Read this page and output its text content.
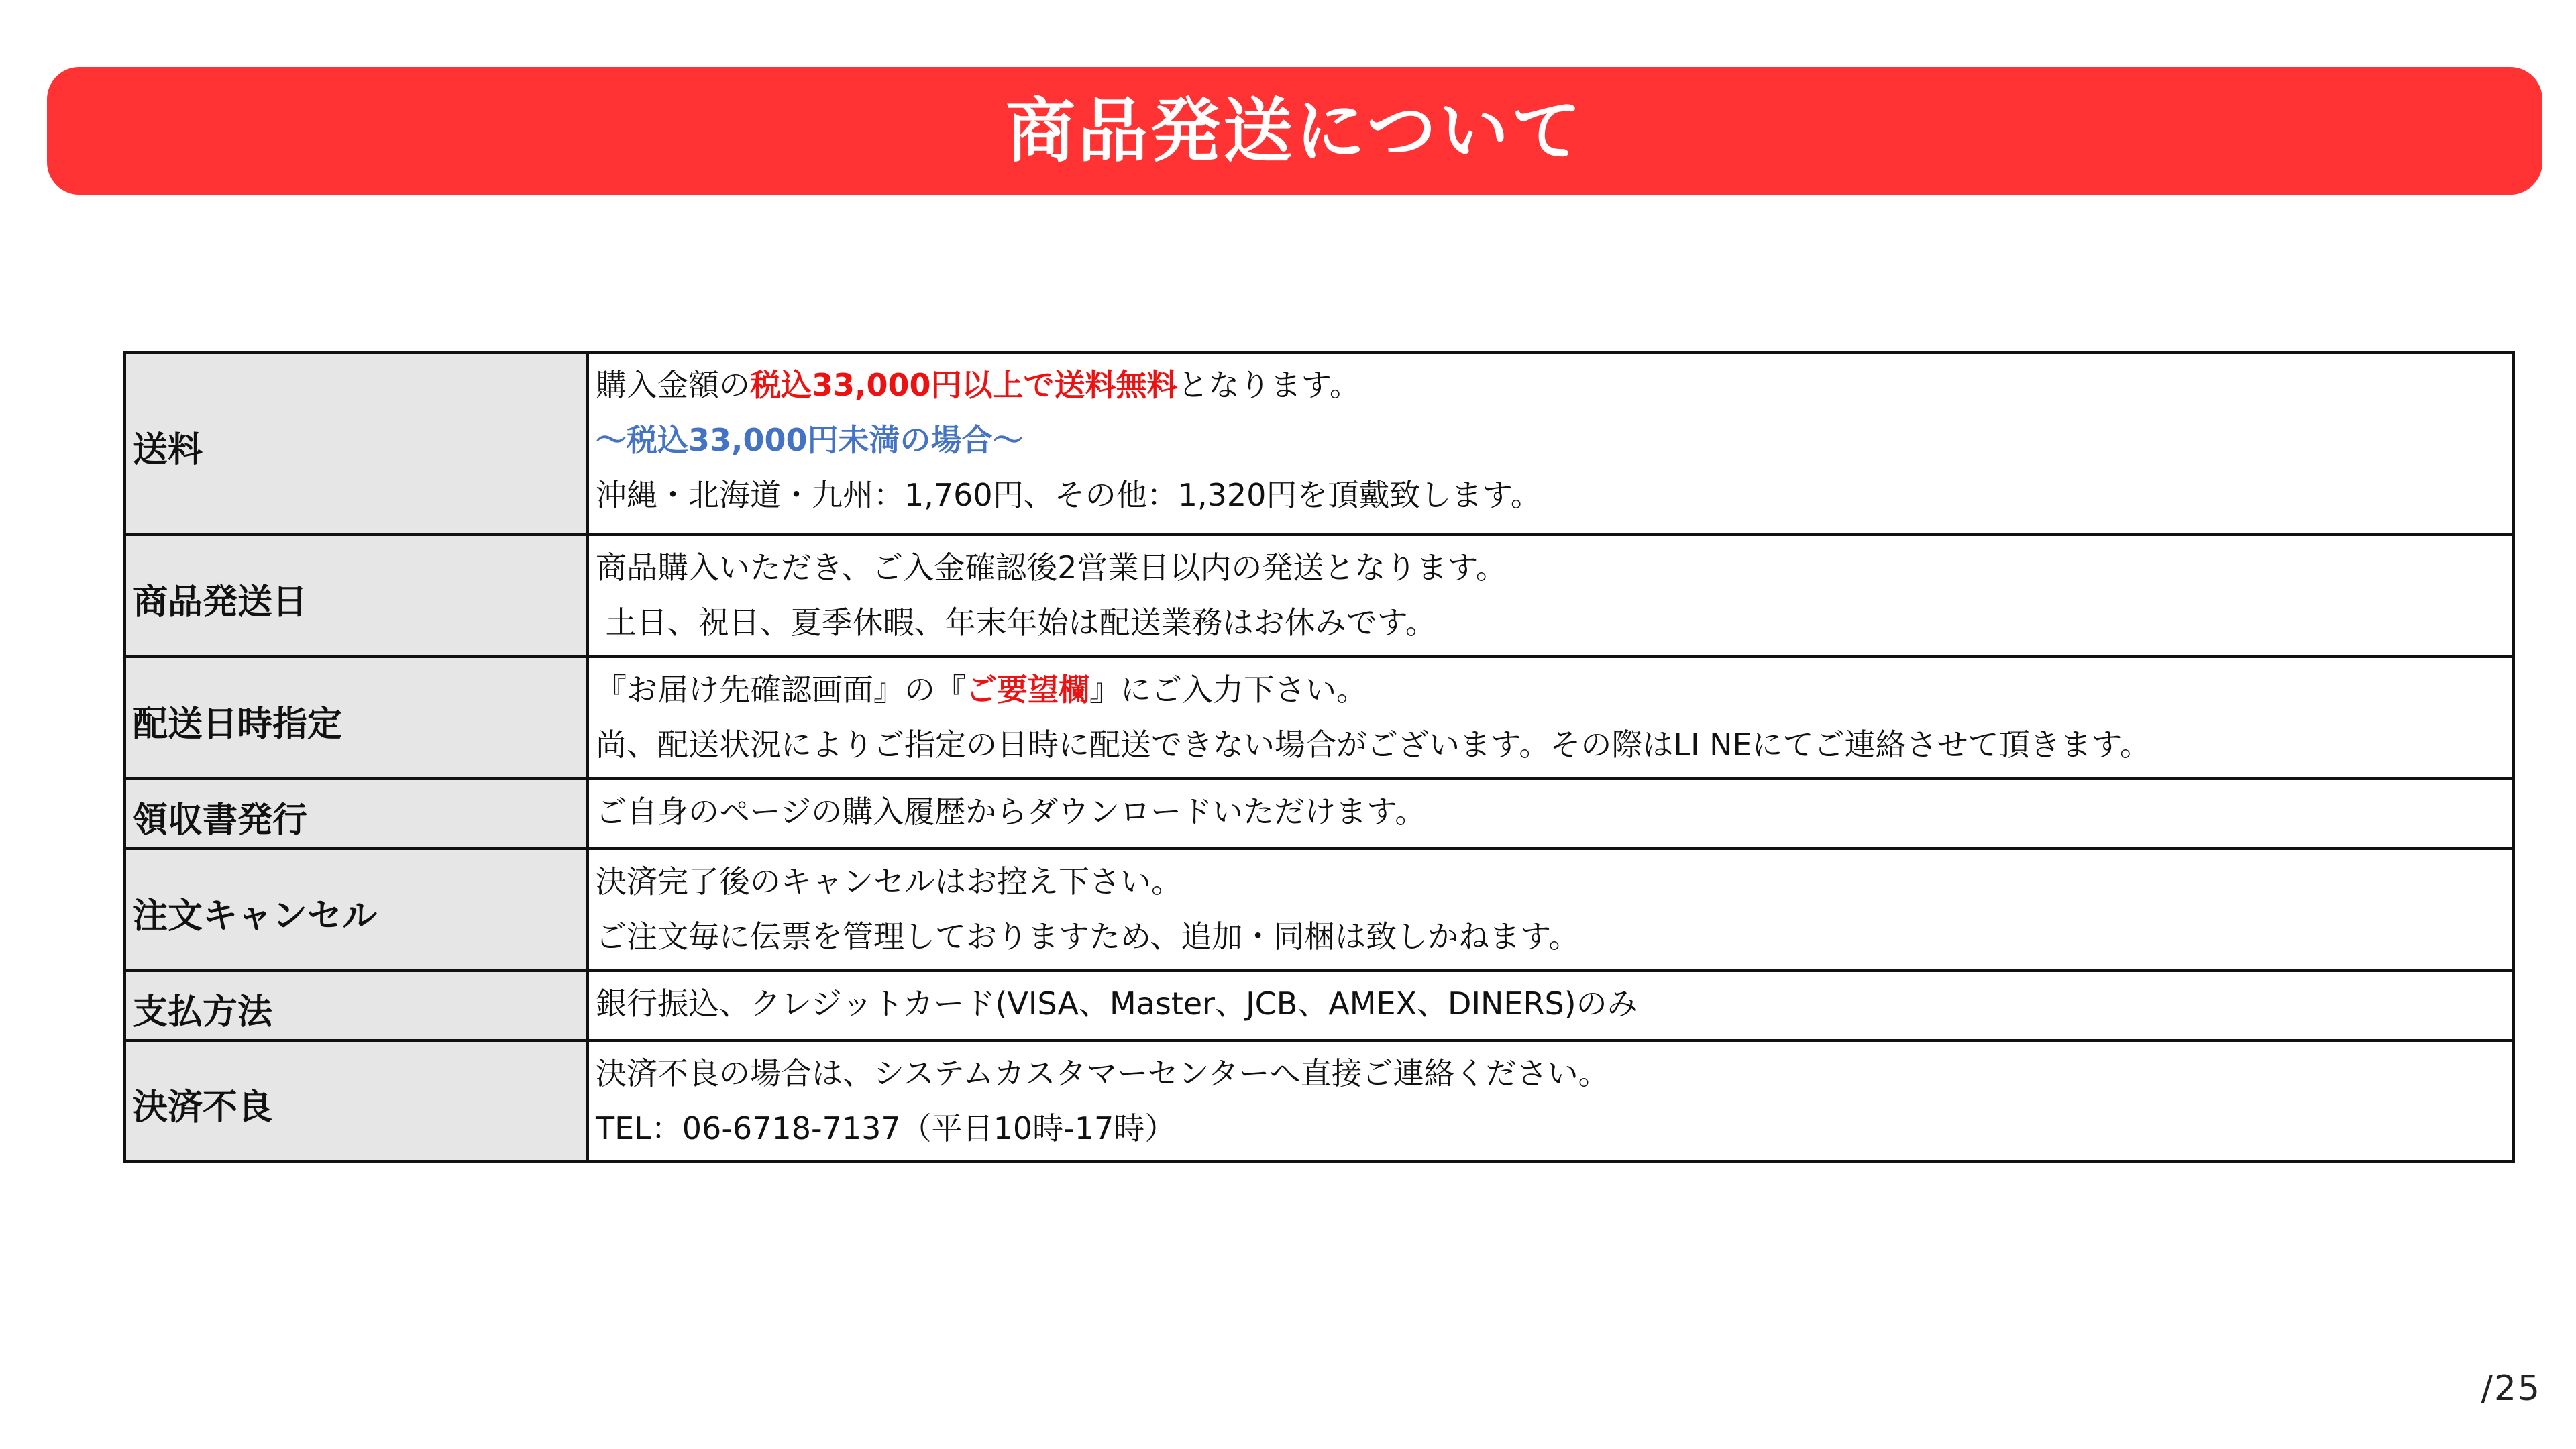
商品発送について
送料	購入金額の税込33,000円以上で送料無料となります。
～税込33,000円未満の場合～
沖縄・北海道・九州：1,760円、その他：1,320円を頂戴致します。

商品発送日	商品購入いただき、ご入金確認後2営業日以内の発送となります。
土日、祝日、夏季休暇、年末年始は配送業務はお休みです。

配送日時指定	『お届け先確認画面』の『ご要望欄』にご入力下さい。
尚、配送状況によりご指定の日時に配送できない場合がございます。その際はLI NEにてご連絡させて頂きます。

領収書発行	ご自身のページの購入履歴からダウンロードいただけます。

注文キャンセル	決済完了後のキャンセルはお控え下さい。
ご注文毎に伝票を管理しておりますため、追加・同梱は致しかねます。

支払方法	銀行振込、クレジットカード(VISA、Master、JCB、AMEX、DINERS)のみ

決済不良	決済不良の場合は、システムカスタマーセンターへ直接ご連絡ください。
TEL：06-6718-7137（平日10時-17時）
/25
